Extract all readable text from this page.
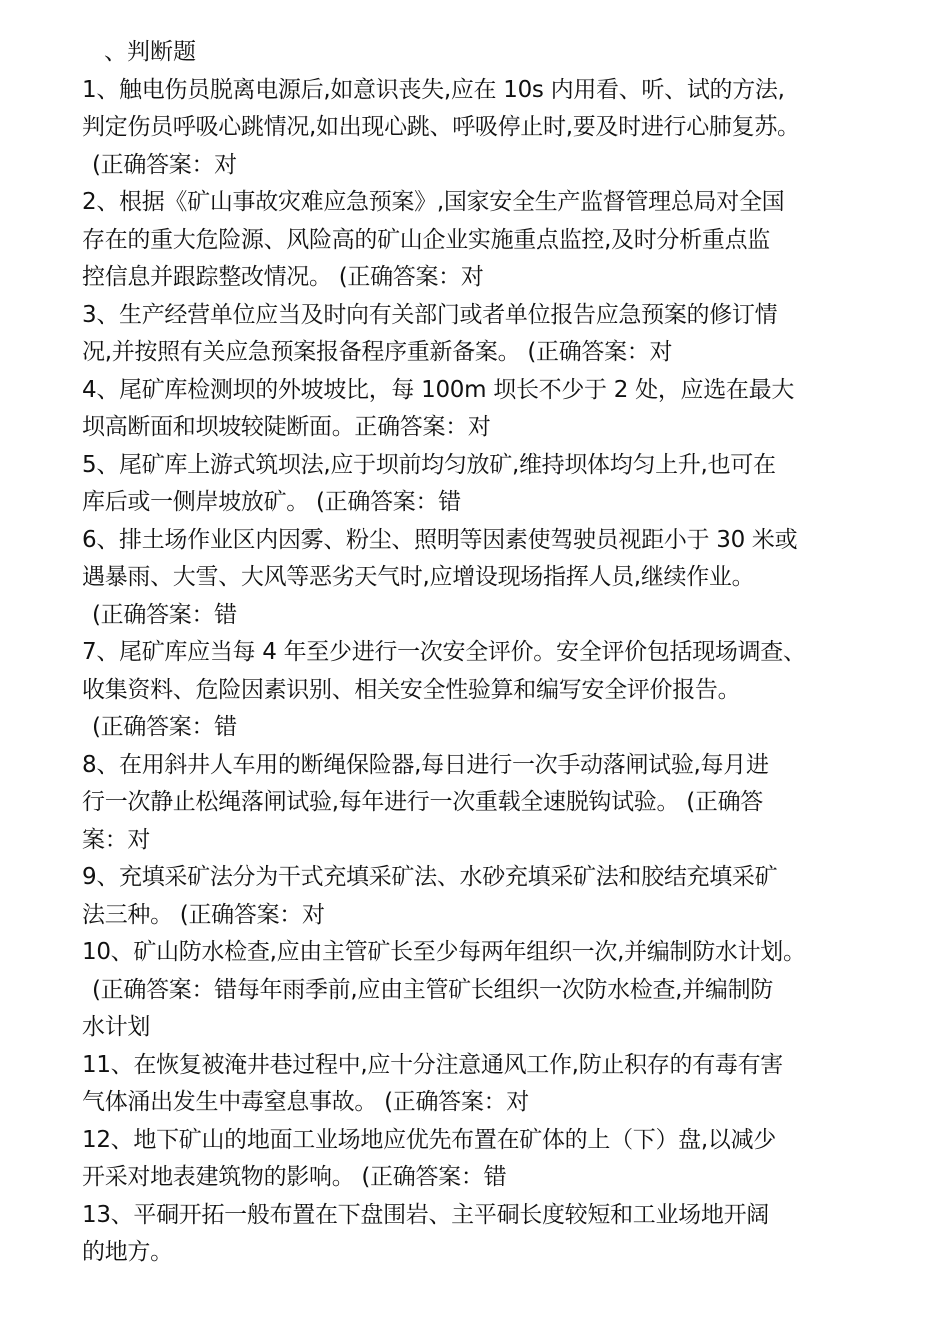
、判断题
1、触电伤员脱离电源后,如意识丧失,应在 10s 内用看、听、试的方法,
判定伤员呼吸心跳情况,如出现心跳、呼吸停止时,要及时进行心肺复苏。
(正确答案：对
2、根据《矿山事故灾难应急预案》,国家安全生产监督管理总局对全国
存在的重大危险源、风险高的矿山企业实施重点监控,及时分析重点监
控信息并跟踪整改情况。 (正确答案：对
3、生产经营单位应当及时向有关部门或者单位报告应急预案的修订情
况,并按照有关应急预案报备程序重新备案。 (正确答案：对
4、尾矿库检测坝的外坡坡比，每 100m 坝长不少于 2 处，应选在最大
坝高断面和坝坡较陡断面。正确答案：对
5、尾矿库上游式筑坝法,应于坝前均匀放矿,维持坝体均匀上升,也可在
库后或一侧岸坡放矿。 (正确答案：错
6、排土场作业区内因雾、粉尘、照明等因素使驾驶员视距小于 30 米或
遇暴雨、大雪、大风等恶劣天气时,应增设现场指挥人员,继续作业。
(正确答案：错
7、尾矿库应当每 4 年至少进行一次安全评价。安全评价包括现场调查、
收集资料、危险因素识别、相关安全性验算和编写安全评价报告。
(正确答案：错
8、在用斜井人车用的断绳保险器,每日进行一次手动落闸试验,每月进
行一次静止松绳落闸试验,每年进行一次重载全速脱钩试验。 (正确答
案：对
9、充填采矿法分为干式充填采矿法、水砂充填采矿法和胶结充填采矿
法三种。 (正确答案：对
10、矿山防水检查,应由主管矿长至少每两年组织一次,并编制防水计划。
(正确答案：错每年雨季前,应由主管矿长组织一次防水检查,并编制防
水计划
11、在恢复被淹井巷过程中,应十分注意通风工作,防止积存的有毒有害
气体涌出发生中毒窒息事故。 (正确答案：对
12、地下矿山的地面工业场地应优先布置在矿体的上（下）盘,以减少
开采对地表建筑物的影响。 (正确答案：错
13、平硐开拓一般布置在下盘围岩、主平硐长度较短和工业场地开阔
的地方。
